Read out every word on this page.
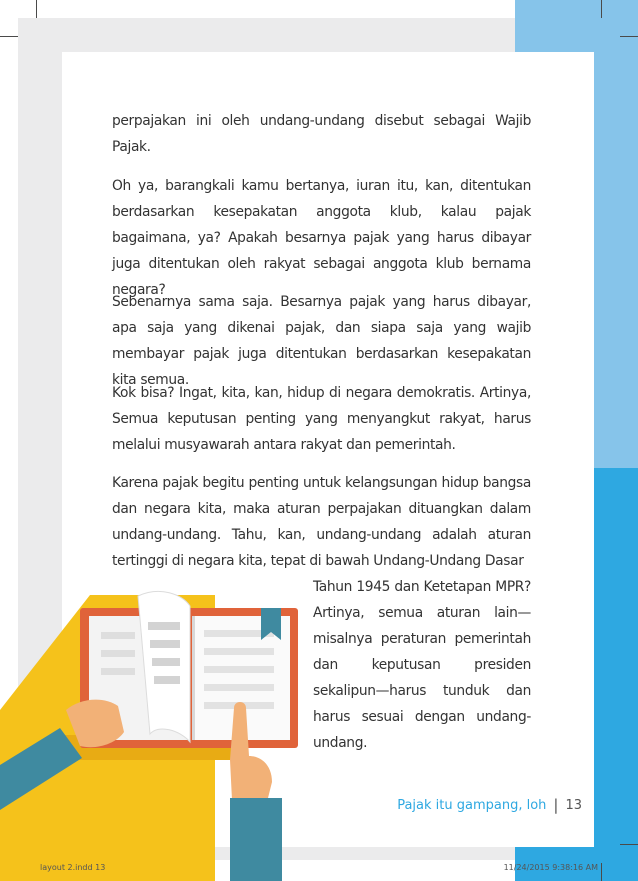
perpajakan ini oleh undang-undang disebut sebagai Wajib Pajak.

Oh ya, barangkali kamu bertanya, iuran itu, kan, ditentukan berdasarkan kesepakatan anggota klub, kalau pajak bagaimana, ya? Apakah besarnya pajak yang harus dibayar juga ditentukan oleh rakyat sebagai anggota klub bernama negara?

Sebenarnya sama saja. Besarnya pajak yang harus dibayar, apa saja yang dikenai pajak, dan siapa saja yang wajib membayar pajak juga ditentukan berdasarkan kesepakatan kita semua.

Kok bisa? Ingat, kita, kan, hidup di negara demokratis. Artinya, Semua keputusan penting yang menyangkut rakyat, harus melalui musyawarah antara rakyat dan pemerintah.

Karena pajak begitu penting untuk kelangsungan hidup bangsa dan negara kita, maka aturan perpajakan dituangkan dalam undang-undang. Tahu, kan, undang-undang adalah aturan tertinggi di negara kita, tepat di bawah Undang-Undang Dasar

Tahun 1945 dan Ketetapan MPR? Artinya, semua aturan lain—misalnya peraturan pemerintah dan keputusan presiden sekalipun—harus tunduk dan harus sesuai dengan undang-undang.

Pajak itu gampang, loh | 13
layout 2.indd 13	11/24/2015 9:38:16 AM
